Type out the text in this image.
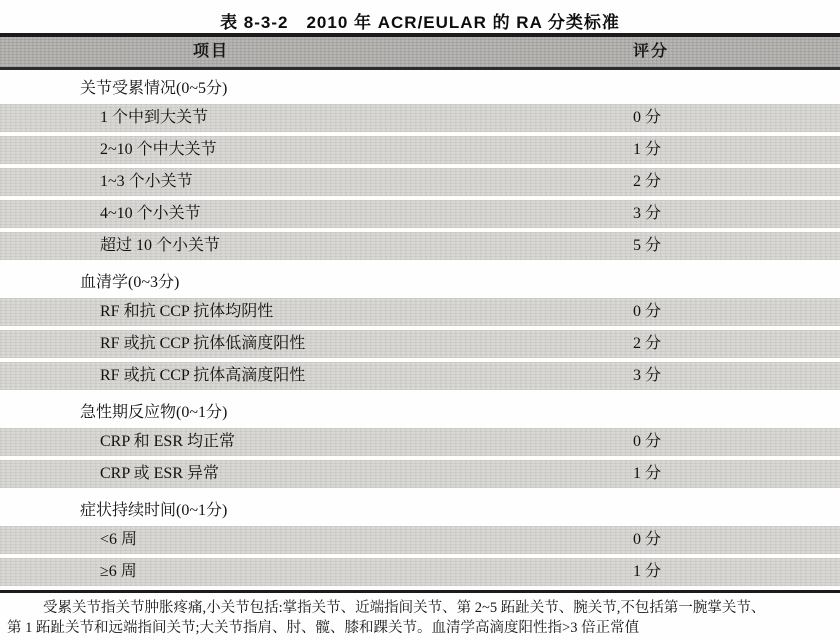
表 8-3-2　2010 年 ACR/EULAR 的 RA 分类标准
项目	评分
关节受累情况(0~5分)
1 个中到大关节	0 分
2~10 个中大关节	1 分
1~3 个小关节	2 分
4~10 个小关节	3 分
超过 10 个小关节	5 分
血清学(0~3分)
RF 和抗 CCP 抗体均阴性	0 分
RF 或抗 CCP 抗体低滴度阳性	2 分
RF 或抗 CCP 抗体高滴度阳性	3 分
急性期反应物(0~1分)
CRP 和 ESR 均正常	0 分
CRP 或 ESR 异常	1 分
症状持续时间(0~1分)
<6 周	0 分
≥6 周	1 分
受累关节指关节肿胀疼痛,小关节包括:掌指关节、近端指间关节、第 2~5 跖趾关节、腕关节,不包括第一腕掌关节、
第 1 跖趾关节和远端指间关节;大关节指肩、肘、髋、膝和踝关节。血清学高滴度阳性指>3 倍正常值
